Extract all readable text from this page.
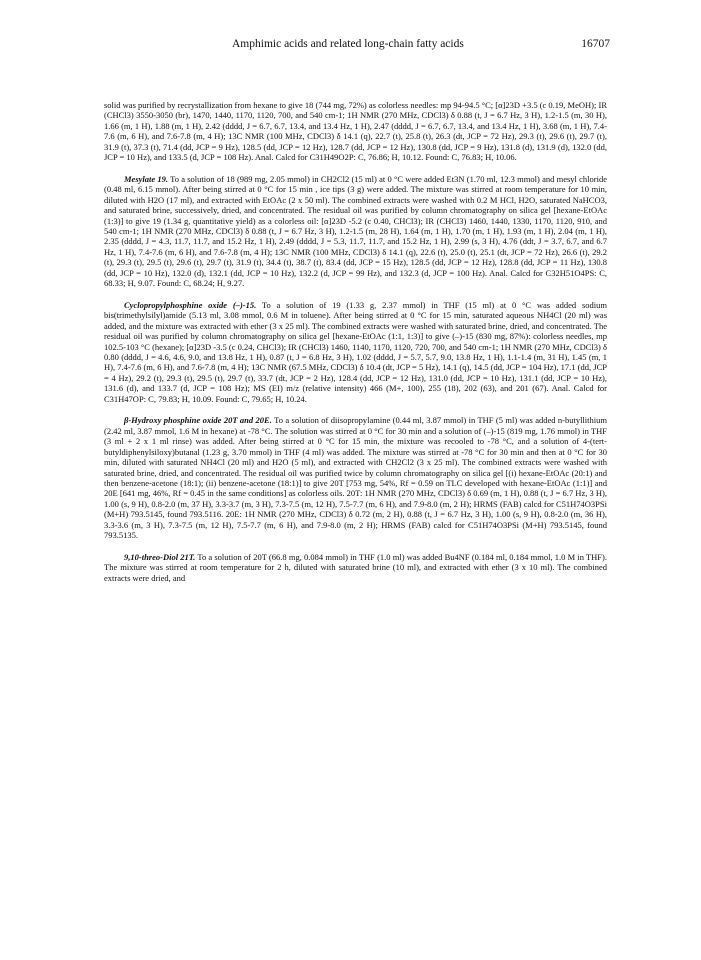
Amphimic acids and related long-chain fatty acids	16707

solid was purified by recrystallization from hexane to give 18 (744 mg, 72%) as colorless needles: mp 94-94.5 °C; [α]23D +3.5 (c 0.19, MeOH); IR (CHCl3) 3550-3050 (br), 1470, 1440, 1170, 1120, 700, and 540 cm-1; 1H NMR (270 MHz, CDCl3) δ 0.88 (t, J = 6.7 Hz, 3 H), 1.2-1.5 (m, 30 H), 1.66 (m, 1 H), 1.88 (m, 1 H), 2.42 (dddd, J = 6.7, 6.7, 13.4, and 13.4 Hz, 1 H), 2.47 (dddd, J = 6.7, 6.7, 13.4, and 13.4 Hz, 1 H), 3.68 (m, 1 H), 7.4-7.6 (m, 6 H), and 7.6-7.8 (m, 4 H); 13C NMR (100 MHz, CDCl3) δ 14.1 (q), 22.7 (t), 25.8 (t), 26.3 (dt, JCP = 72 Hz), 29.3 (t), 29.6 (t), 29.7 (t), 31.9 (t), 37.3 (t), 71.4 (dd, JCP = 9 Hz), 128.5 (dd, JCP = 12 Hz), 128.7 (dd, JCP = 12 Hz), 130.8 (dd, JCP = 9 Hz), 131.8 (d), 131.9 (d), 132.0 (dd, JCP = 10 Hz), and 133.5 (d, JCP = 108 Hz). Anal. Calcd for C31H49O2P: C, 76.86; H, 10.12. Found: C, 76.83; H, 10.06.

Mesylate 19. To a solution of 18 (989 mg, 2.05 mmol) in CH2Cl2 (15 ml) at 0 °C were added Et3N (1.70 ml, 12.3 mmol) and mesyl chloride (0.48 ml, 6.15 mmol). After being stirred at 0 °C for 15 min , ice tips (3 g) were added. The mixture was stirred at room temperature for 10 min, diluted with H2O (17 ml), and extracted with EtOAc (2 x 50 ml). The combined extracts were washed with 0.2 M HCl, H2O, saturated NaHCO3, and saturated brine, successively, dried, and concentrated. The residual oil was purified by column chromatography on silica gel [hexane-EtOAc (1:3)] to give 19 (1.34 g, quantitative yield) as a colorless oil: [α]23D -5.2 (c 0.40, CHCl3); IR (CHCl3) 1460, 1440, 1330, 1170, 1120, 910, and 540 cm-1; 1H NMR (270 MHz, CDCl3) δ 0.88 (t, J = 6.7 Hz, 3 H), 1.2-1.5 (m, 28 H), 1.64 (m, 1 H), 1.70 (m, 1 H), 1.93 (m, 1 H), 2.04 (m, 1 H), 2.35 (dddd, J = 4.3, 11.7, 11.7, and 15.2 Hz, 1 H), 2.49 (dddd, J = 5.3, 11.7, 11.7, and 15.2 Hz, 1 H), 2.99 (s, 3 H), 4.76 (ddt, J = 3.7, 6.7, and 6.7 Hz, 1 H), 7.4-7.6 (m, 6 H), and 7.6-7.8 (m, 4 H); 13C NMR (100 MHz, CDCl3) δ 14.1 (q), 22.6 (t), 25.0 (t), 25.1 (dt, JCP = 72 Hz), 26.6 (t), 29.2 (t), 29.3 (t), 29.5 (t), 29.6 (t), 29.7 (t), 31.9 (t), 34.4 (t), 38.7 (t), 83.4 (dd, JCP = 15 Hz), 128.5 (dd, JCP = 12 Hz), 128.8 (dd, JCP = 11 Hz), 130.8 (dd, JCP = 10 Hz), 132.0 (d), 132.1 (dd, JCP = 10 Hz), 132.2 (d, JCP = 99 Hz), and 132.3 (d, JCP = 100 Hz). Anal. Calcd for C32H51O4PS: C, 68.33; H, 9.07. Found: C, 68.24; H, 9.27.

Cyclopropylphosphine oxide (–)-15. To a solution of 19 (1.33 g, 2.37 mmol) in THF (15 ml) at 0 °C was added sodium bis(trimethylsilyl)amide (5.13 ml, 3.08 mmol, 0.6 M in toluene). After being stirred at 0 °C for 15 min, saturated aqueous NH4Cl (20 ml) was added, and the mixture was extracted with ether (3 x 25 ml). The combined extracts were washed with saturated brine, dried, and concentrated. The residual oil was purified by column chromatography on silica gel [hexane-EtOAc (1:1, 1:3)] to give (–)-15 (830 mg, 87%): colorless needles, mp 102.5-103 °C (hexane); [α]23D -3.5 (c 0.24, CHCl3); IR (CHCl3) 1460, 1140, 1170, 1120, 720, 700, and 540 cm-1; 1H NMR (270 MHz, CDCl3) δ 0.80 (dddd, J = 4.6, 4.6, 9.0, and 13.8 Hz, 1 H), 0.87 (t, J = 6.8 Hz, 3 H), 1.02 (dddd, J = 5.7, 5.7, 9.0, 13.8 Hz, 1 H), 1.1-1.4 (m, 31 H), 1.45 (m, 1 H), 7.4-7.6 (m, 6 H), and 7.6-7.8 (m, 4 H); 13C NMR (67.5 MHz, CDCl3) δ 10.4 (dt, JCP = 5 Hz), 14.1 (q), 14.5 (dd, JCP = 104 Hz), 17.1 (dd, JCP = 4 Hz), 29.2 (t), 29.3 (t), 29.5 (t), 29.7 (t), 33.7 (dt, JCP = 2 Hz), 128.4 (dd, JCP = 12 Hz), 131.0 (dd, JCP = 10 Hz), 131.1 (dd, JCP = 10 Hz), 131.6 (d), and 133.7 (d, JCP = 108 Hz); MS (EI) m/z (relative intensity) 466 (M+, 100), 255 (18), 202 (63), and 201 (67). Anal. Calcd for C31H47OP: C, 79.83; H, 10.09. Found: C, 79.65; H, 10.24.

β-Hydroxy phosphine oxide 20T and 20E. To a solution of diisopropylamine (0.44 ml, 3.87 mmol) in THF (5 ml) was added n-butyllithium (2.42 ml, 3.87 mmol, 1.6 M in hexane) at -78 °C. The solution was stirred at 0 °C for 30 min and a solution of (–)-15 (819 mg, 1.76 mmol) in THF (3 ml + 2 x 1 ml rinse) was added. After being stirred at 0 °C for 15 min, the mixture was recooled to -78 °C, and a solution of 4-(tert-butyldiphenylsiloxy)butanal (1.23 g, 3.70 mmol) in THF (4 ml) was added. The mixture was stirred at -78 °C for 30 min and then at 0 °C for 30 min, diluted with saturated NH4Cl (20 ml) and H2O (5 ml), and extracted with CH2Cl2 (3 x 25 ml). The combined extracts were washed with saturated brine, dried, and concentrated. The residual oil was purified twice by column chromatography on silica gel [(i) hexane-EtOAc (20:1) and then benzene-acetone (18:1); (ii) benzene-acetone (18:1)] to give 20T [753 mg, 54%, Rf = 0.59 on TLC developed with hexane-EtOAc (1:1)] and 20E [641 mg, 46%, Rf = 0.45 in the same conditions] as colorless oils. 20T: 1H NMR (270 MHz, CDCl3) δ 0.69 (m, 1 H), 0.88 (t, J = 6.7 Hz, 3 H), 1.00 (s, 9 H), 0.8-2.0 (m, 37 H), 3.3-3.7 (m, 3 H), 7.3-7.5 (m, 12 H), 7.5-7.7 (m, 6 H), and 7.9-8.0 (m, 2 H); HRMS (FAB) calcd for C51H74O3PSi (M+H) 793.5145, found 793.5116. 20E: 1H NMR (270 MHz, CDCl3) δ 0.72 (m, 2 H), 0.88 (t, J = 6.7 Hz, 3 H), 1.00 (s, 9 H), 0.8-2.0 (m, 36 H), 3.3-3.6 (m, 3 H), 7.3-7.5 (m, 12 H), 7.5-7.7 (m, 6 H), and 7.9-8.0 (m, 2 H); HRMS (FAB) calcd for C51H74O3PSi (M+H) 793.5145, found 793.5135.

9,10-threo-Diol 21T. To a solution of 20T (66.8 mg, 0.084 mmol) in THF (1.0 ml) was added Bu4NF (0.184 ml, 0.184 mmol, 1.0 M in THF). The mixture was stirred at room temperature for 2 h, diluted with saturated brine (10 ml), and extracted with ether (3 x 10 ml). The combined extracts were dried, and
